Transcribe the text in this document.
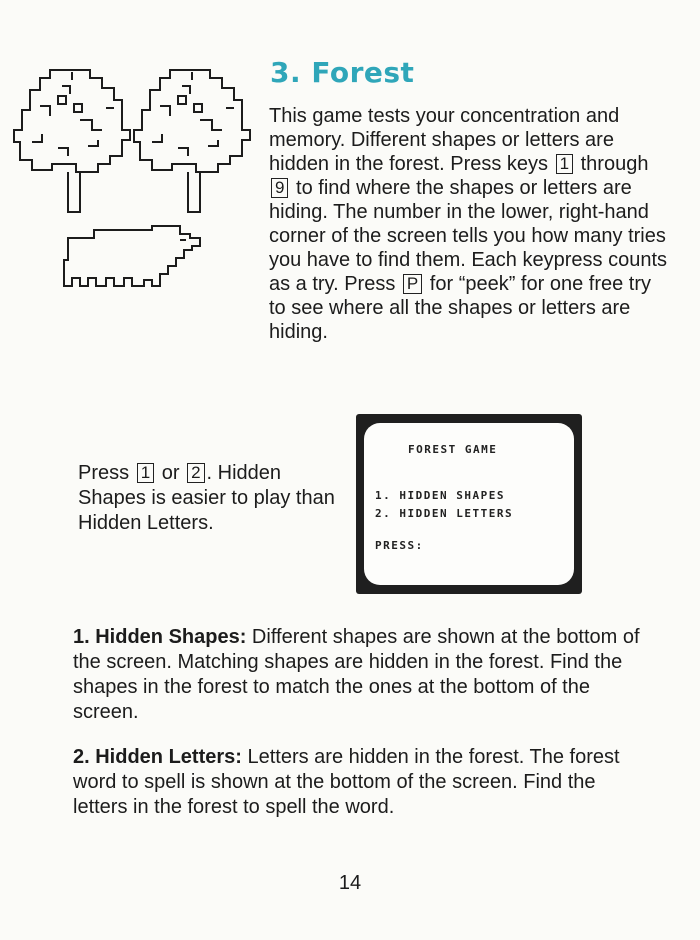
3. Forest

This game tests your concentration and memory. Different shapes or letters are hidden in the forest. Press keys 1 through 9 to find where the shapes or letters are hiding. The number in the lower, right-hand corner of the screen tells you how many tries you have to find them. Each keypress counts as a try. Press P for “peek” for one free try to see where all the shapes or letters are hiding.

Press 1 or 2 . Hidden Shapes is easier to play than Hidden Letters.

FOREST GAME

1. HIDDEN SHAPES

2. HIDDEN LETTERS

PRESS:

1. Hidden Shapes: Different shapes are shown at the bottom of the screen. Matching shapes are hidden in the forest. Find the shapes in the forest to match the ones at the bottom of the screen.

2. Hidden Letters: Letters are hidden in the forest. The forest word to spell is shown at the bottom of the screen. Find the letters in the forest to spell the word.

14
